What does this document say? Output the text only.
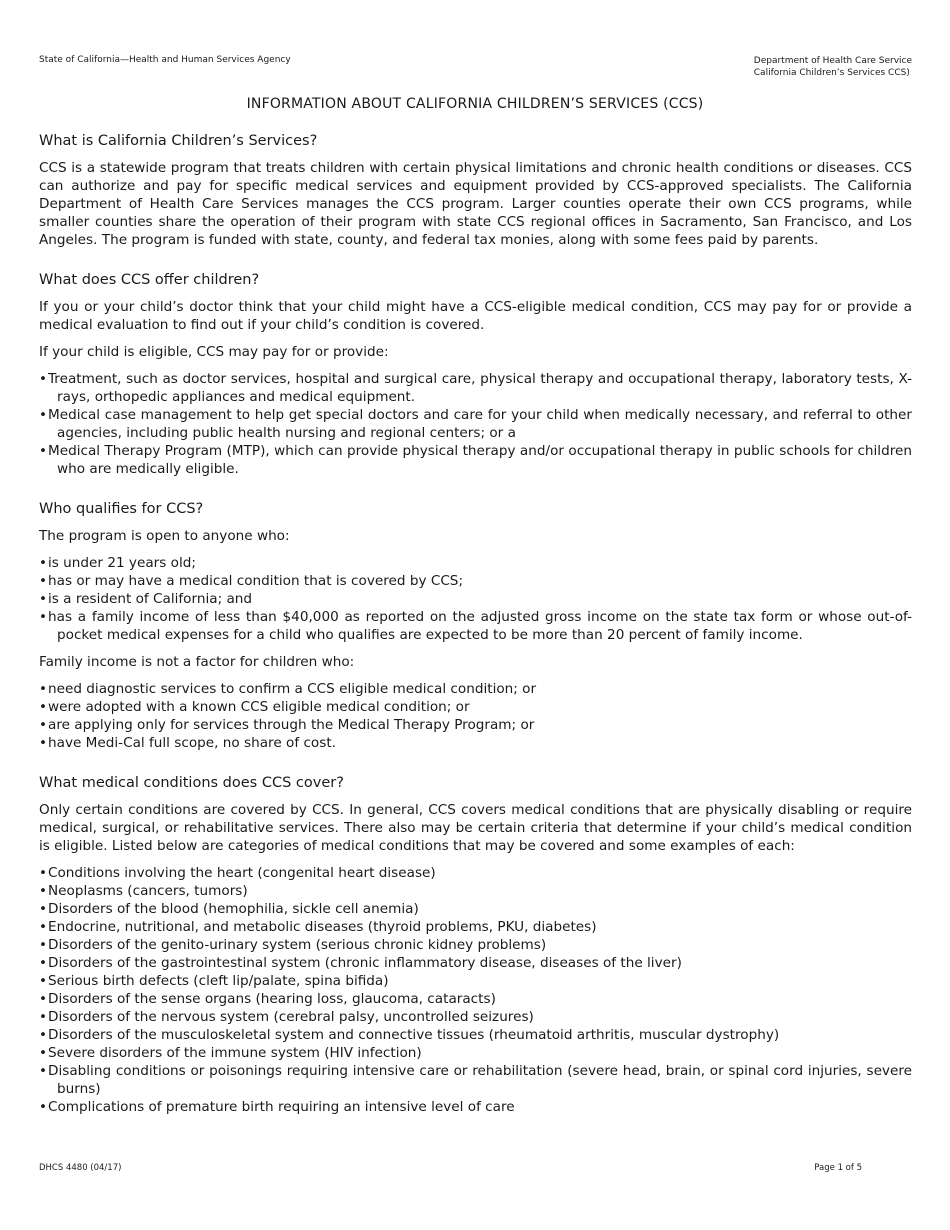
State of California—Health and Human Services Agency	Department of Health Care Service
California Children’s Services CCS)
INFORMATION ABOUT CALIFORNIA CHILDREN’S SERVICES (CCS)
What is California Children’s Services?

CCS is a statewide program that treats children with certain physical limitations and chronic health conditions or diseases. CCS can authorize and pay for specific medical services and equipment provided by CCS-approved specialists. The California Department of Health Care Services manages the CCS program. Larger counties operate their own CCS programs, while smaller counties share the operation of their program with state CCS regional offices in Sacramento, San Francisco, and Los Angeles. The program is funded with state, county, and federal tax monies, along with some fees paid by parents.

What does CCS offer children?

If you or your child’s doctor think that your child might have a CCS-eligible medical condition, CCS may pay for or provide a medical evaluation to find out if your child’s condition is covered.

If your child is eligible, CCS may pay for or provide:

•Treatment, such as doctor services, hospital and surgical care, physical therapy and occupational therapy, laboratory tests, X-rays, orthopedic appliances and medical equipment.
•Medical case management to help get special doctors and care for your child when medically necessary, and referral to other agencies, including public health nursing and regional centers; or a
•Medical Therapy Program (MTP), which can provide physical therapy and/or occupational therapy in public schools for children who are medically eligible.
Who qualifies for CCS?

The program is open to anyone who:

•is under 21 years old;
•has or may have a medical condition that is covered by CCS;
•is a resident of California; and
•has a family income of less than $40,000 as reported on the adjusted gross income on the state tax form or whose out-of-pocket medical expenses for a child who qualifies are expected to be more than 20 percent of family income.

Family income is not a factor for children who:

•need diagnostic services to confirm a CCS eligible medical condition; or
•were adopted with a known CCS eligible medical condition; or
•are applying only for services through the Medical Therapy Program; or
•have Medi-Cal full scope, no share of cost.
What medical conditions does CCS cover?

Only certain conditions are covered by CCS. In general, CCS covers medical conditions that are physically disabling or require medical, surgical, or rehabilitative services. There also may be certain criteria that determine if your child’s medical condition is eligible. Listed below are categories of medical conditions that may be covered and some examples of each:

•Conditions involving the heart (congenital heart disease)
•Neoplasms (cancers, tumors)
•Disorders of the blood (hemophilia, sickle cell anemia)
•Endocrine, nutritional, and metabolic diseases (thyroid problems, PKU, diabetes)
•Disorders of the genito-urinary system (serious chronic kidney problems)
•Disorders of the gastrointestinal system (chronic inflammatory disease, diseases of the liver)
•Serious birth defects (cleft lip/palate, spina bifida)
•Disorders of the sense organs (hearing loss, glaucoma, cataracts)
•Disorders of the nervous system (cerebral palsy, uncontrolled seizures)
•Disorders of the musculoskeletal system and connective tissues (rheumatoid arthritis, muscular dystrophy)
•Severe disorders of the immune system (HIV infection)
•Disabling conditions or poisonings requiring intensive care or rehabilitation (severe head, brain, or spinal cord injuries, severe burns)
•Complications of premature birth requiring an intensive level of care
DHCS 4480 (04/17)	Page 1 of 5
